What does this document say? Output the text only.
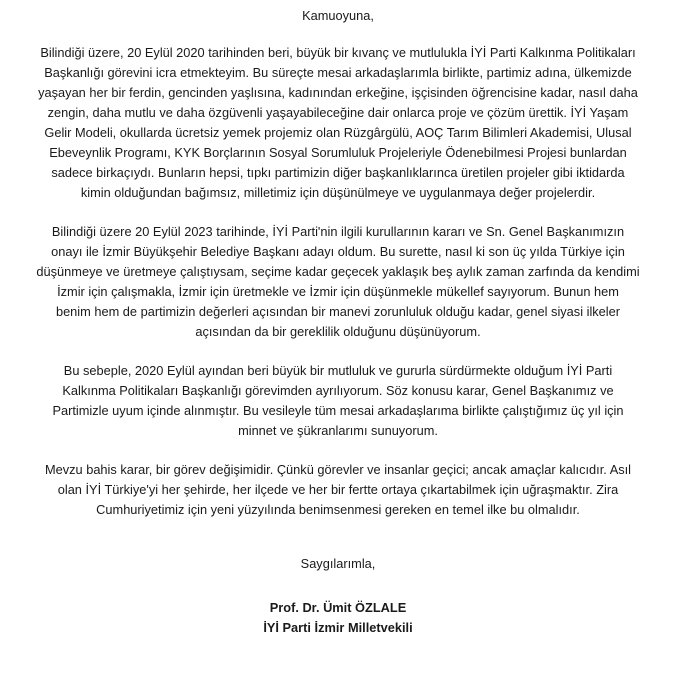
Kamuoyuna,
Bilindiği üzere, 20 Eylül 2020 tarihinden beri, büyük bir kıvanç ve mutlulukla İYİ Parti Kalkınma Politikaları
Başkanlığı görevini icra etmekteyim. Bu süreçte mesai arkadaşlarımla birlikte, partimiz adına, ülkemizde
yaşayan her bir ferdin, gencinden yaşlısına, kadınından erkeğine, işçisinden öğrencisine kadar, nasıl daha
zengin, daha mutlu ve daha özgüvenli yaşayabileceğine dair onlarca proje ve çözüm ürettik. İYİ Yaşam
Gelir Modeli, okullarda ücretsiz yemek projemiz olan Rüzgârgülü, AOÇ Tarım Bilimleri Akademisi, Ulusal
Ebeveynlik Programı, KYK Borçlarının Sosyal Sorumluluk Projeleriyle Ödenebilmesi Projesi bunlardan
sadece birkaçıydı. Bunların hepsi, tıpkı partimizin diğer başkanlıklarınca üretilen projeler gibi iktidarda
kimin olduğundan bağımsız, milletimiz için düşünülmeye ve uygulanmaya değer projelerdir.
Bilindiği üzere 20 Eylül 2023 tarihinde, İYİ Parti'nin ilgili kurullarının kararı ve Sn. Genel Başkanımızın
onayı ile İzmir Büyükşehir Belediye Başkanı adayı oldum. Bu surette, nasıl ki son üç yılda Türkiye için
düşünmeye ve üretmeye çalıştıysam, seçime kadar geçecek yaklaşık beş aylık zaman zarfında da kendimi
İzmir için çalışmakla, İzmir için üretmekle ve İzmir için düşünmekle mükellef sayıyorum. Bunun hem
benim hem de partimizin değerleri açısından bir manevi zorunluluk olduğu kadar, genel siyasi ilkeler
açısından da bir gereklilik olduğunu düşünüyorum.
Bu sebeple, 2020 Eylül ayından beri büyük bir mutluluk ve gururla sürdürmekte olduğum İYİ Parti
Kalkınma Politikaları Başkanlığı görevimden ayrılıyorum. Söz konusu karar, Genel Başkanımız ve
Partimizle uyum içinde alınmıştır. Bu vesileyle tüm mesai arkadaşlarıma birlikte çalıştığımız üç yıl için
minnet ve şükranlarımı sunuyorum.
Mevzu bahis karar, bir görev değişimidir. Çünkü görevler ve insanlar geçici; ancak amaçlar kalıcıdır. Asıl
olan İYİ Türkiye'yi her şehirde, her ilçede ve her bir fertte ortaya çıkartabilmek için uğraşmaktır. Zira
Cumhuriyetimiz için yeni yüzyılında benimsenmesi gereken en temel ilke bu olmalıdır.
Saygılarımla,
Prof. Dr. Ümit ÖZLALE
İYİ Parti İzmir Milletvekili
